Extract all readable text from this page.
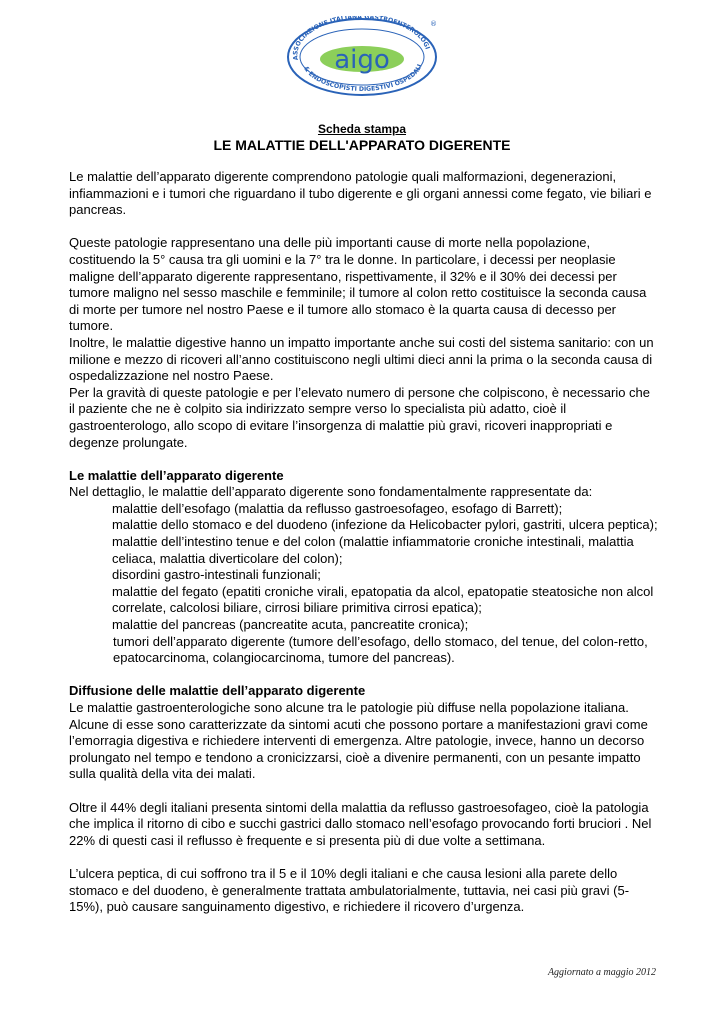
ASSOCIAZIONE ITALIANA GASTROENTEROLOGI
& ENDOSCOPISTI DIGESTIVI OSPEDALI
aigo
®
Scheda stampa
LE MALATTIE DELL'APPARATO DIGERENTE

Le malattie dell’apparato digerente comprendono patologie quali malformazioni, degenerazioni, infiammazioni e i tumori che riguardano il tubo digerente e gli organi annessi come fegato, vie biliari e pancreas.

Queste patologie rappresentano una delle più importanti cause di morte nella popolazione, costituendo la 5° causa tra gli uomini e la 7° tra le donne. In particolare, i decessi per neoplasie maligne dell’apparato digerente rappresentano, rispettivamente, il 32% e il 30% dei decessi per tumore maligno nel sesso maschile e femminile; il tumore al colon retto costituisce la seconda causa di morte per tumore nel nostro Paese e il tumore allo stomaco è la quarta causa di decesso per tumore.

Inoltre, le malattie digestive hanno un impatto importante anche sui costi del sistema sanitario: con un milione e mezzo di ricoveri all’anno costituiscono negli ultimi dieci anni la prima o la seconda causa di ospedalizzazione nel nostro Paese.

Per la gravità di queste patologie e per l’elevato numero di persone che colpiscono, è necessario che il paziente che ne è colpito sia indirizzato sempre verso lo specialista più adatto, cioè il gastroenterologo, allo scopo di evitare l’insorgenza di malattie più gravi, ricoveri inappropriati e degenze prolungate.

Le malattie dell’apparato digerente

Nel dettaglio, le malattie dell’apparato digerente sono fondamentalmente rappresentate da:

malattie dell’esofago (malattia da reflusso gastroesofageo, esofago di Barrett);

malattie dello stomaco e del duodeno (infezione da Helicobacter pylori, gastriti, ulcera peptica);

malattie dell’intestino tenue e del colon (malattie infiammatorie croniche intestinali, malattia celiaca, malattia diverticolare del colon);

disordini gastro-intestinali funzionali;

malattie del fegato (epatiti croniche virali, epatopatia da alcol, epatopatie steatosiche non alcol correlate, calcolosi biliare, cirrosi biliare primitiva cirrosi epatica);

malattie del pancreas (pancreatite acuta, pancreatite cronica);

tumori dell’apparato digerente (tumore dell’esofago, dello stomaco, del tenue, del colon-retto, epatocarcinoma, colangiocarcinoma, tumore del pancreas).

Diffusione delle malattie dell’apparato digerente

Le malattie gastroenterologiche sono alcune tra le patologie più diffuse nella popolazione italiana. Alcune di esse sono caratterizzate da sintomi acuti che possono portare a manifestazioni gravi come l’emorragia digestiva e richiedere interventi di emergenza. Altre patologie, invece, hanno un decorso prolungato nel tempo e tendono a cronicizzarsi, cioè a divenire permanenti, con un pesante impatto sulla qualità della vita dei malati.

Oltre il 44% degli italiani presenta sintomi della malattia da reflusso gastroesofageo, cioè la patologia che implica il ritorno di cibo e succhi gastrici dallo stomaco nell’esofago provocando forti bruciori . Nel 22% di questi casi il reflusso è frequente e si presenta più di due volte a settimana.

L’ulcera peptica, di cui soffrono tra il 5 e il 10% degli italiani e che causa lesioni alla parete dello stomaco e del duodeno, è generalmente trattata ambulatorialmente, tuttavia, nei casi più gravi (5-15%), può causare sanguinamento digestivo, e richiedere il ricovero d’urgenza.

Aggiornato a maggio 2012
